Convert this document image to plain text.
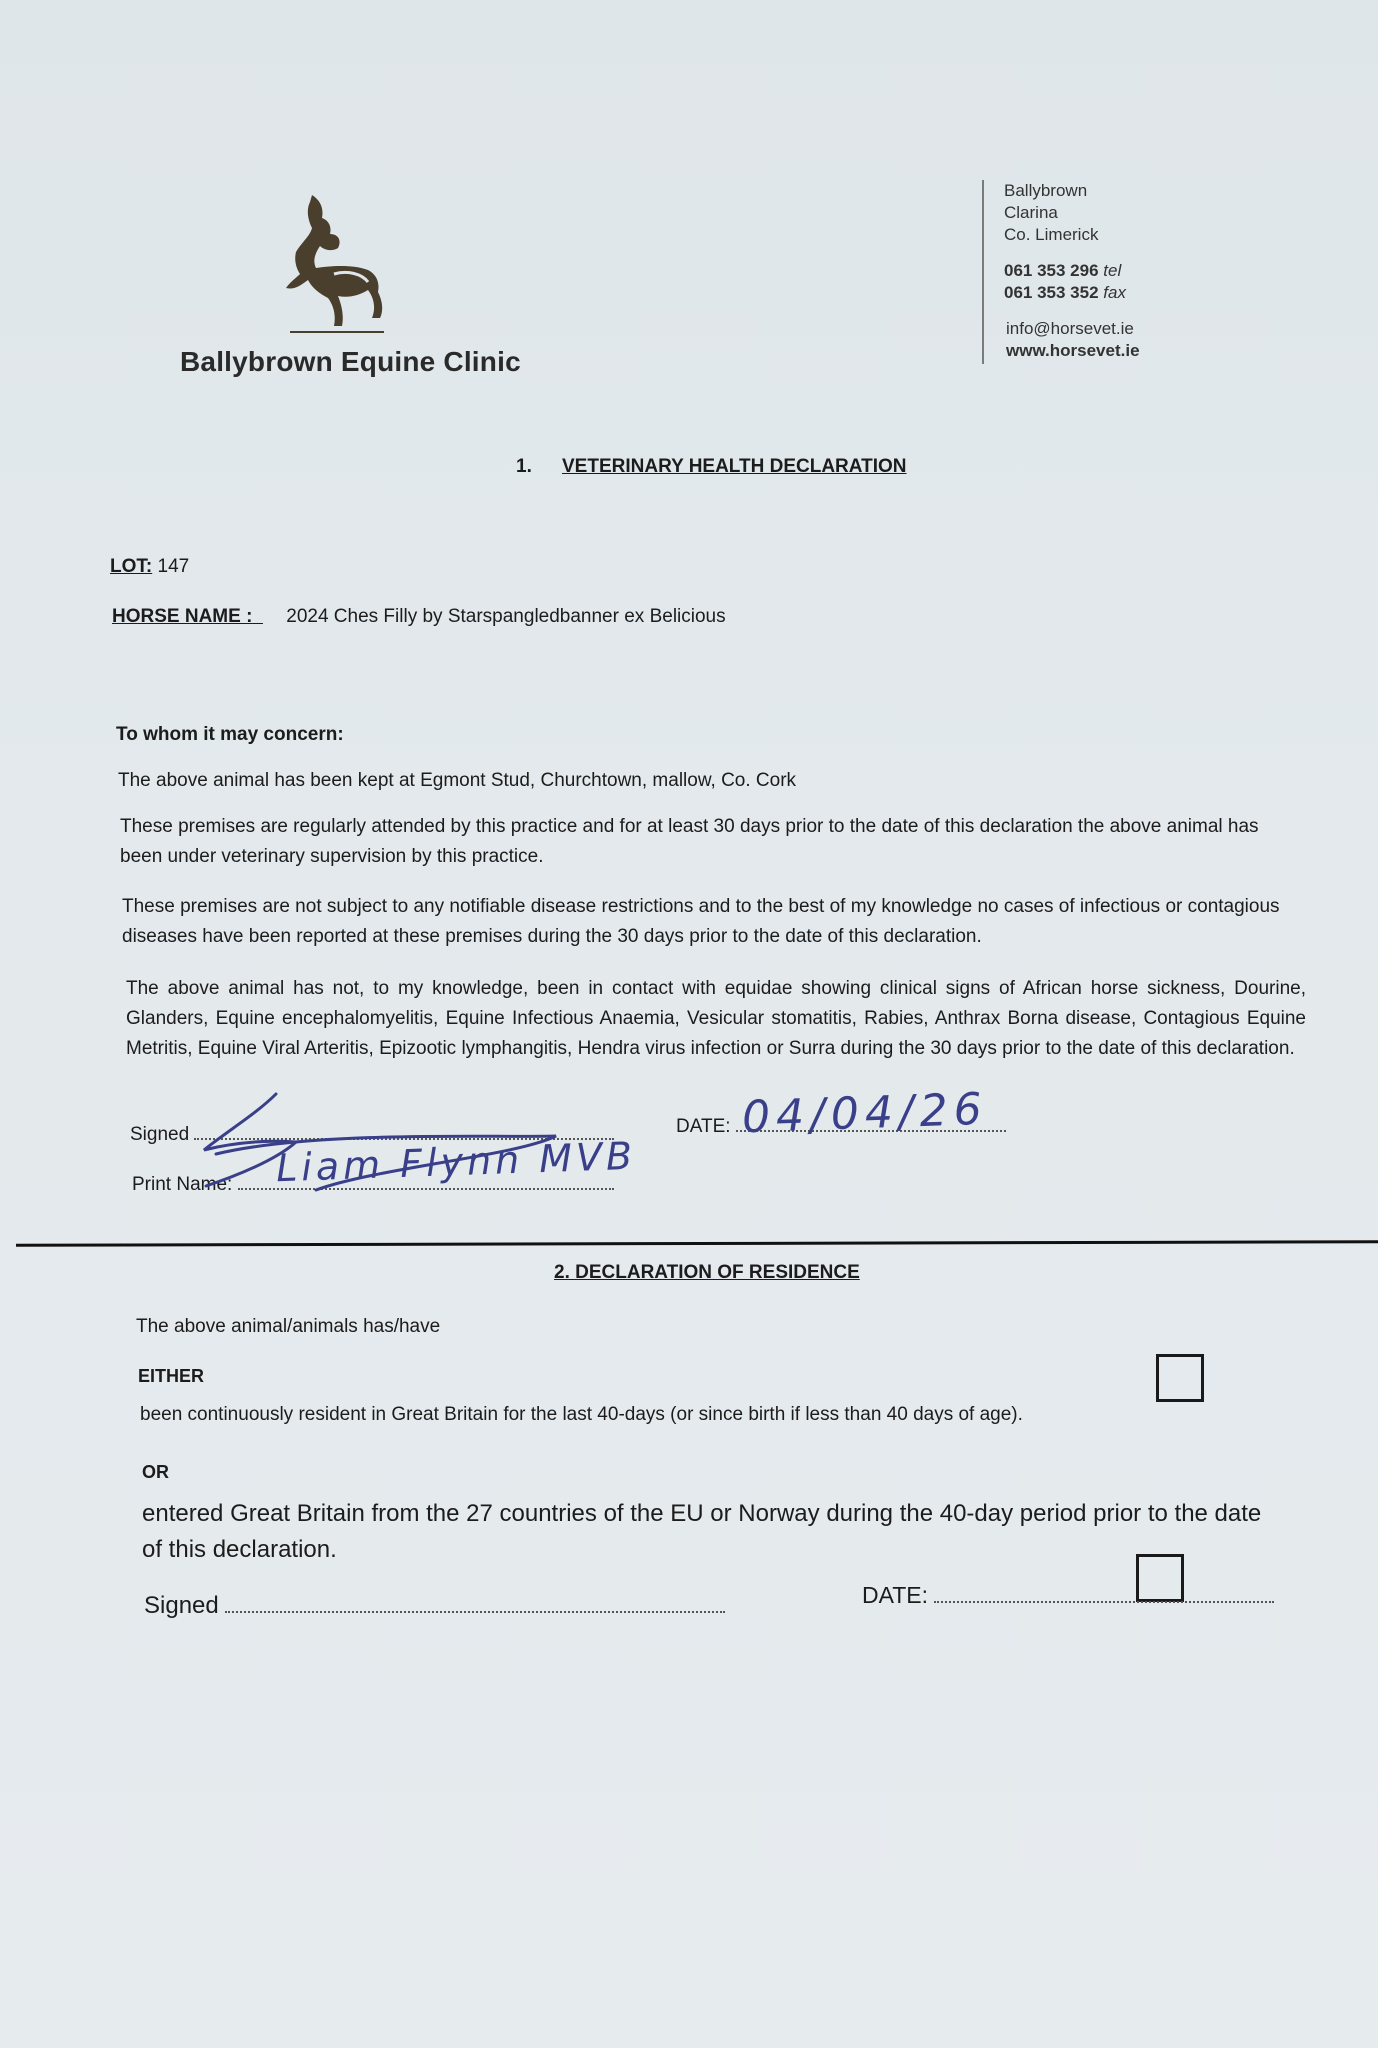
Ballybrown Equine Clinic

Ballybrown
Clarina
Co. Limerick
061 353 296 tel
061 353 352 fax
info@horsevet.ie
www.horsevet.ie
1. VETERINARY HEALTH DECLARATION
LOT: 147
HORSE NAME : 2024 Ches Filly by Starspangledbanner ex Belicious

To whom it may concern:

The above animal has been kept at Egmont Stud, Churchtown, mallow, Co. Cork

These premises are regularly attended by this practice and for at least 30 days prior to the date of this declaration the above animal has been under veterinary supervision by this practice.

These premises are not subject to any notifiable disease restrictions and to the best of my knowledge no cases of infectious or contagious diseases have been reported at these premises during the 30 days prior to the date of this declaration.

The above animal has not, to my knowledge, been in contact with equidae showing clinical signs of African horse sickness, Dourine, Glanders, Equine encephalomyelitis, Equine Infectious Anaemia, Vesicular stomatitis, Rabies, Anthrax Borna disease, Contagious Equine Metritis, Equine Viral Arteritis, Epizootic lymphangitis, Hendra virus infection or Surra during the 30 days prior to the date of this declaration.

Signed	DATE:
Print Name:
04/04/26
Liam Flynn MVB

2. DECLARATION OF RESIDENCE

The above animal/animals has/have

EITHER

been continuously resident in Great Britain for the last 40-days (or since birth if less than 40 days of age).

OR

entered Great Britain from the 27 countries of the EU or Norway during the 40-day period prior to the date of this declaration.

Signed	DATE:
